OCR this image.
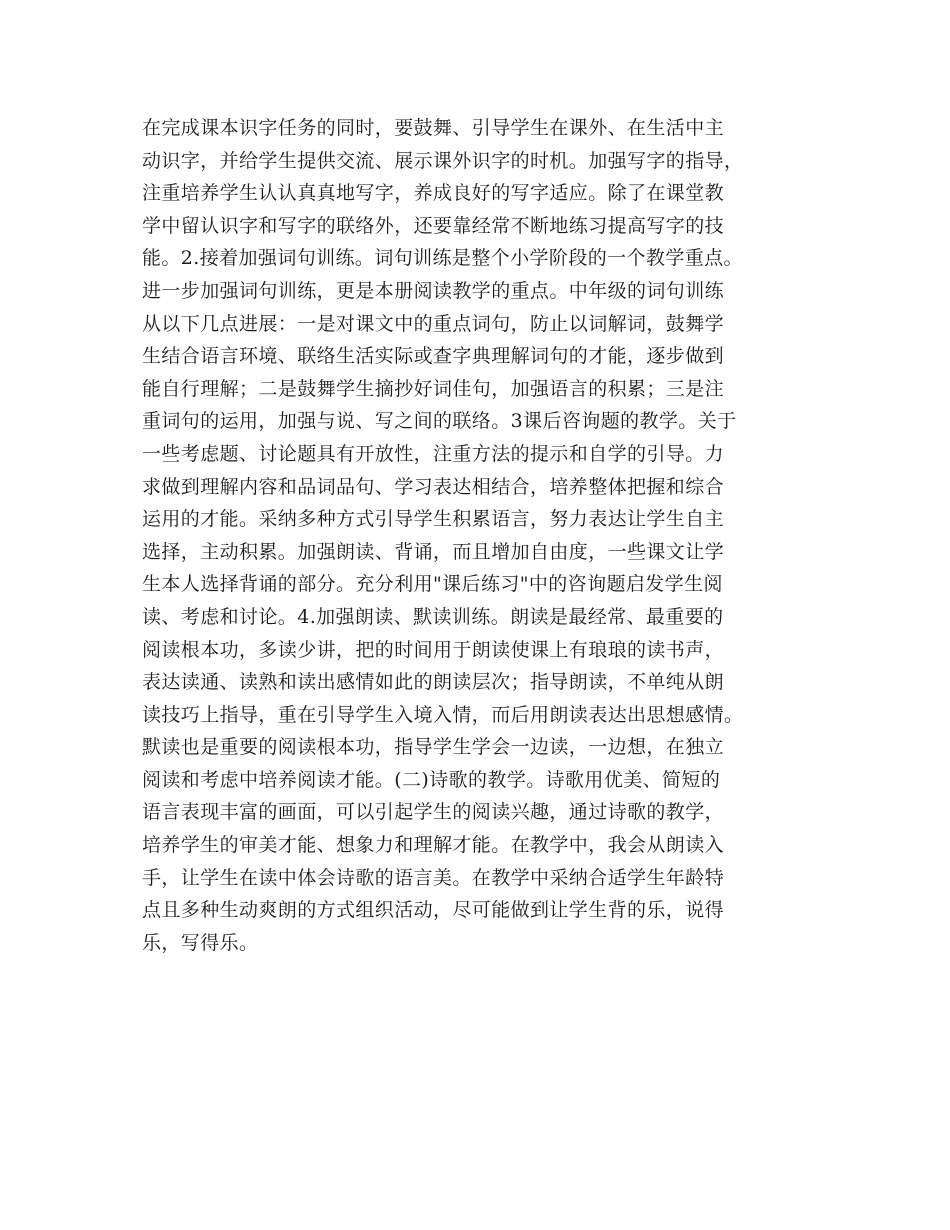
在完成课本识字任务的同时，要鼓舞、引导学生在课外、在生活中主
动识字，并给学生提供交流、展示课外识字的时机。加强写字的指导，
注重培养学生认认真真地写字，养成良好的写字适应。除了在课堂教
学中留认识字和写字的联络外，还要靠经常不断地练习提高写字的技
能。2.接着加强词句训练。词句训练是整个小学阶段的一个教学重点。
进一步加强词句训练，更是本册阅读教学的重点。中年级的词句训练
从以下几点进展：一是对课文中的重点词句，防止以词解词，鼓舞学
生结合语言环境、联络生活实际或查字典理解词句的才能，逐步做到
能自行理解；二是鼓舞学生摘抄好词佳句，加强语言的积累；三是注
重词句的运用，加强与说、写之间的联络。3课后咨询题的教学。关于
一些考虑题、讨论题具有开放性，注重方法的提示和自学的引导。力
求做到理解内容和品词品句、学习表达相结合，培养整体把握和综合
运用的才能。采纳多种方式引导学生积累语言，努力表达让学生自主
选择，主动积累。加强朗读、背诵，而且增加自由度，一些课文让学
生本人选择背诵的部分。充分利用"课后练习"中的咨询题启发学生阅
读、考虑和讨论。4.加强朗读、默读训练。朗读是最经常、最重要的
阅读根本功，多读少讲，把的时间用于朗读使课上有琅琅的读书声，
表达读通、读熟和读出感情如此的朗读层次；指导朗读，不单纯从朗
读技巧上指导，重在引导学生入境入情，而后用朗读表达出思想感情。
默读也是重要的阅读根本功，指导学生学会一边读，一边想，在独立
阅读和考虑中培养阅读才能。(二)诗歌的教学。诗歌用优美、简短的
语言表现丰富的画面，可以引起学生的阅读兴趣，通过诗歌的教学，
培养学生的审美才能、想象力和理解才能。在教学中，我会从朗读入
手，让学生在读中体会诗歌的语言美。在教学中采纳合适学生年龄特
点且多种生动爽朗的方式组织活动，尽可能做到让学生背的乐，说得
乐，写得乐。
